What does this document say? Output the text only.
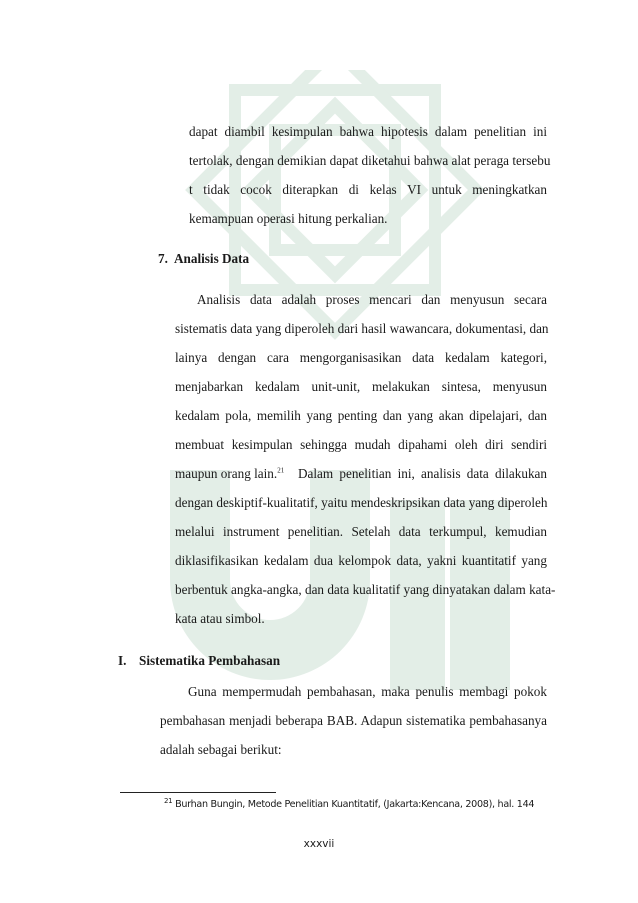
dapat diambil kesimpulan bahwa hipotesis dalam penelitian ini
tertolak, dengan demikian dapat diketahui bahwa alat peraga tersebu
t tidak cocok diterapkan di kelas VI untuk meningkatkan
kemampuan operasi hitung perkalian.
7. Analisis Data
Analisis data adalah proses mencari dan menyusun secara
sistematis data yang diperoleh dari hasil wawancara, dokumentasi, dan
lainya dengan cara mengorganisasikan data kedalam kategori,
menjabarkan kedalam unit-unit, melakukan sintesa, menyusun
kedalam pola, memilih yang penting dan yang akan dipelajari, dan
membuat kesimpulan sehingga mudah dipahami oleh diri sendiri
maupun orang lain.$^{21}$ Dalam penelitian ini, analisis data dilakukan
dengan deskiptif-kualitatif, yaitu mendeskripsikan data yang diperoleh
melalui instrument penelitian. Setelah data terkumpul, kemudian
diklasifikasikan kedalam dua kelompok data, yakni kuantitatif yang
berbentuk angka-angka, dan data kualitatif yang dinyatakan dalam kata-
kata atau simbol.
I. Sistematika Pembahasan
Guna mempermudah pembahasan, maka penulis membagi pokok
pembahasan menjadi beberapa BAB. Adapun sistematika pembahasanya
adalah sebagai berikut:
$^{21}$ Burhan Bungin, Metode Penelitian Kuantitatif, (Jakarta:Kencana, 2008), hal. 144
xxxvii
